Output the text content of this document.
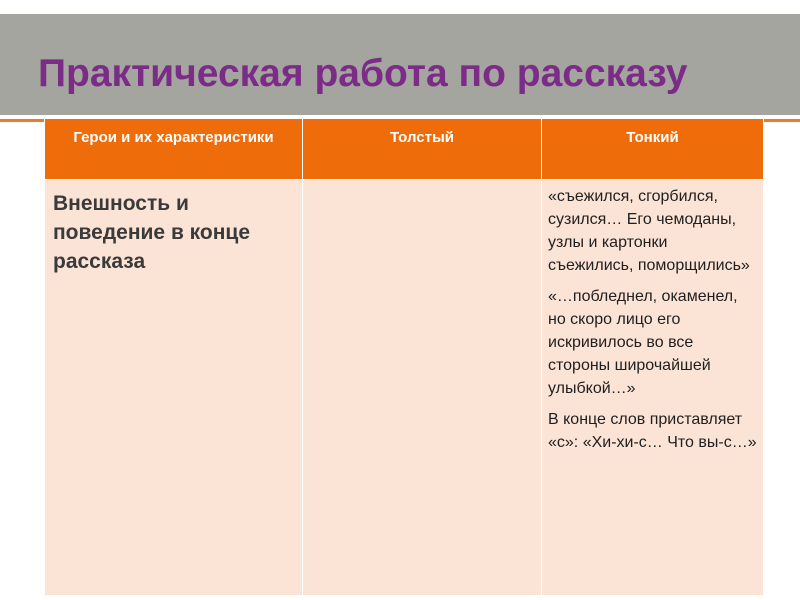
Практическая работа по рассказу
Герои и их характеристики	Толстый	Тонкий

Внешность и поведение в конце рассказа		«съежился, сгорбился, сузился… Его чемоданы, узлы и картонки съежились, поморщились»

«…побледнел, окаменел, но скоро лицо его искривилось во все стороны широчайшей улыбкой…»

В конце слов приставляет «с»: «Хи-хи-с… Что вы-с…»
